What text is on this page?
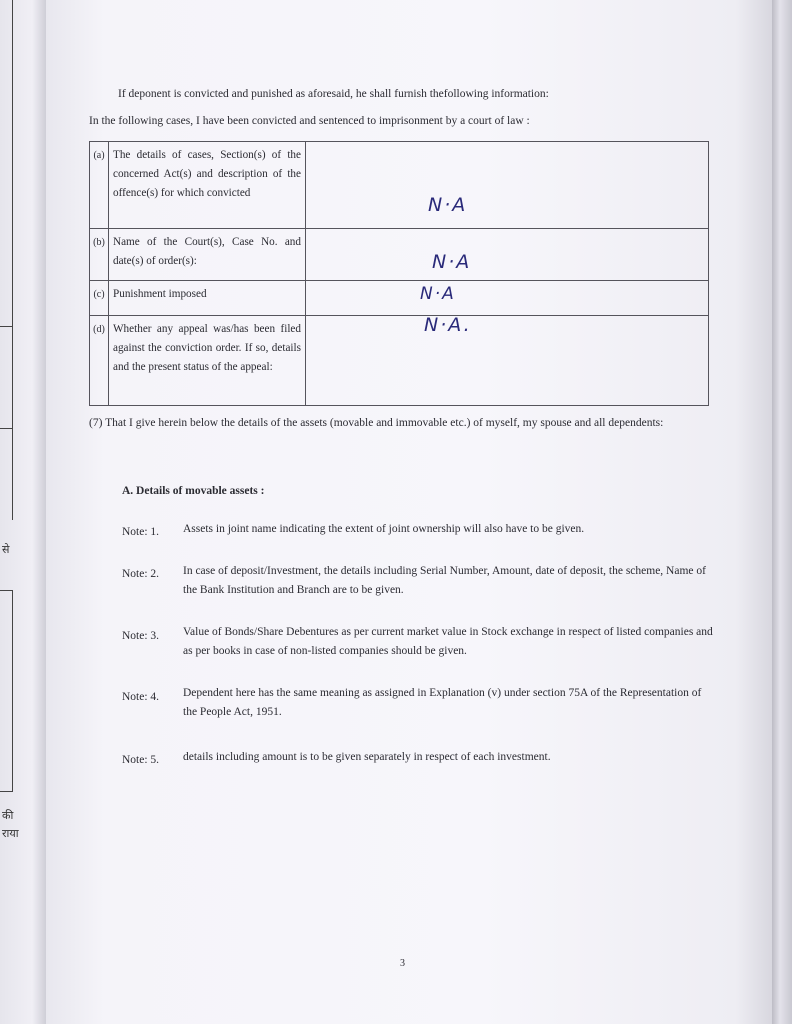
से
की
राया
If deponent is convicted and punished as aforesaid, he shall furnish thefollowing information:
In the following cases, I have been convicted and sentenced to imprisonment by a court of law :
(a)	The details of cases, Section(s) of the concerned Act(s) and description of the offence(s) for which convicted	N·A

(b)	Name of the Court(s), Case No. and date(s) of order(s):	N·A

(c)	Punishment imposed	N·A

(d)	Whether any appeal was/has been filed against the conviction order. If so, details and the present status of the appeal:	N·A.
(7) That I give herein below the details of the assets (movable and immovable etc.) of myself, my spouse and all dependents:
A. Details of movable assets :
Note: 1. Assets in joint name indicating the extent of joint ownership will also have to be given.
Note: 2. In case of deposit/Investment, the details including Serial Number, Amount, date of deposit, the scheme, Name of the Bank Institution and Branch are to be given.
Note: 3. Value of Bonds/Share Debentures as per current market value in Stock exchange in respect of listed companies and as per books in case of non-listed companies should be given.
Note: 4. Dependent here has the same meaning as assigned in Explanation (v) under section 75A of the Representation of the People Act, 1951.
Note: 5. details including amount is to be given separately in respect of each investment.
3
